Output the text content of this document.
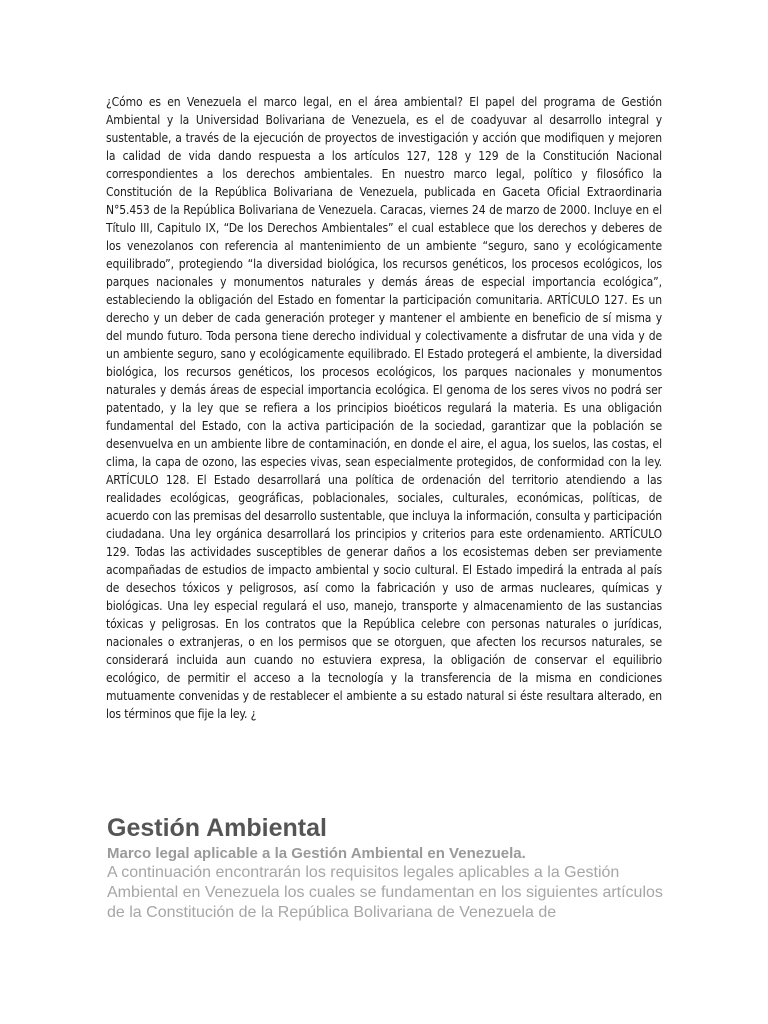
¿Cómo es en Venezuela el marco legal, en el área ambiental? El papel del programa de Gestión Ambiental y la Universidad Bolivariana de Venezuela, es el de coadyuvar al desarrollo integral y sustentable, a través de la ejecución de proyectos de investigación y acción que modifiquen y mejoren la calidad de vida dando respuesta a los artículos 127, 128 y 129 de la Constitución Nacional correspondientes a los derechos ambientales. En nuestro marco legal, político y filosófico la Constitución de la República Bolivariana de Venezuela, publicada en Gaceta Oficial Extraordinaria N°5.453 de la República Bolivariana de Venezuela. Caracas, viernes 24 de marzo de 2000. Incluye en el Título III, Capitulo IX, “De los Derechos Ambientales” el cual establece que los derechos y deberes de los venezolanos con referencia al mantenimiento de un ambiente “seguro, sano y ecológicamente equilibrado”, protegiendo “la diversidad biológica, los recursos genéticos, los procesos ecológicos, los parques nacionales y monumentos naturales y demás áreas de especial importancia ecológica”, estableciendo la obligación del Estado en fomentar la participación comunitaria. ARTÍCULO 127. Es un derecho y un deber de cada generación proteger y mantener el ambiente en beneficio de sí misma y del mundo futuro. Toda persona tiene derecho individual y colectivamente a disfrutar de una vida y de un ambiente seguro, sano y ecológicamente equilibrado. El Estado protegerá el ambiente, la diversidad biológica, los recursos genéticos, los procesos ecológicos, los parques nacionales y monumentos naturales y demás áreas de especial importancia ecológica. El genoma de los seres vivos no podrá ser patentado, y la ley que se refiera a los principios bioéticos regulará la materia. Es una obligación fundamental del Estado, con la activa participación de la sociedad, garantizar que la población se desenvuelva en un ambiente libre de contaminación, en donde el aire, el agua, los suelos, las costas, el clima, la capa de ozono, las especies vivas, sean especialmente protegidos, de conformidad con la ley. ARTÍCULO 128. El Estado desarrollará una política de ordenación del territorio atendiendo a las realidades ecológicas, geográficas, poblacionales, sociales, culturales, económicas, políticas, de acuerdo con las premisas del desarrollo sustentable, que incluya la información, consulta y participación ciudadana. Una ley orgánica desarrollará los principios y criterios para este ordenamiento. ARTÍCULO 129. Todas las actividades susceptibles de generar daños a los ecosistemas deben ser previamente acompañadas de estudios de impacto ambiental y socio cultural. El Estado impedirá la entrada al país de desechos tóxicos y peligrosos, así como la fabricación y uso de armas nucleares, químicas y biológicas. Una ley especial regulará el uso, manejo, transporte y almacenamiento de las sustancias tóxicas y peligrosas. En los contratos que la República celebre con personas naturales o jurídicas, nacionales o extranjeras, o en los permisos que se otorguen, que afecten los recursos naturales, se considerará incluida aun cuando no estuviera expresa, la obligación de conservar el equilibrio ecológico, de permitir el acceso a la tecnología y la transferencia de la misma en condiciones mutuamente convenidas y de restablecer el ambiente a su estado natural si éste resultara alterado, en los términos que fije la ley. ¿

Gestión Ambiental
Marco legal aplicable a la Gestión Ambiental en Venezuela.

A continuación encontrarán los requisitos legales aplicables a la Gestión Ambiental en Venezuela los cuales se fundamentan en los siguientes artículos de la Constitución de la República Bolivariana de Venezuela de
